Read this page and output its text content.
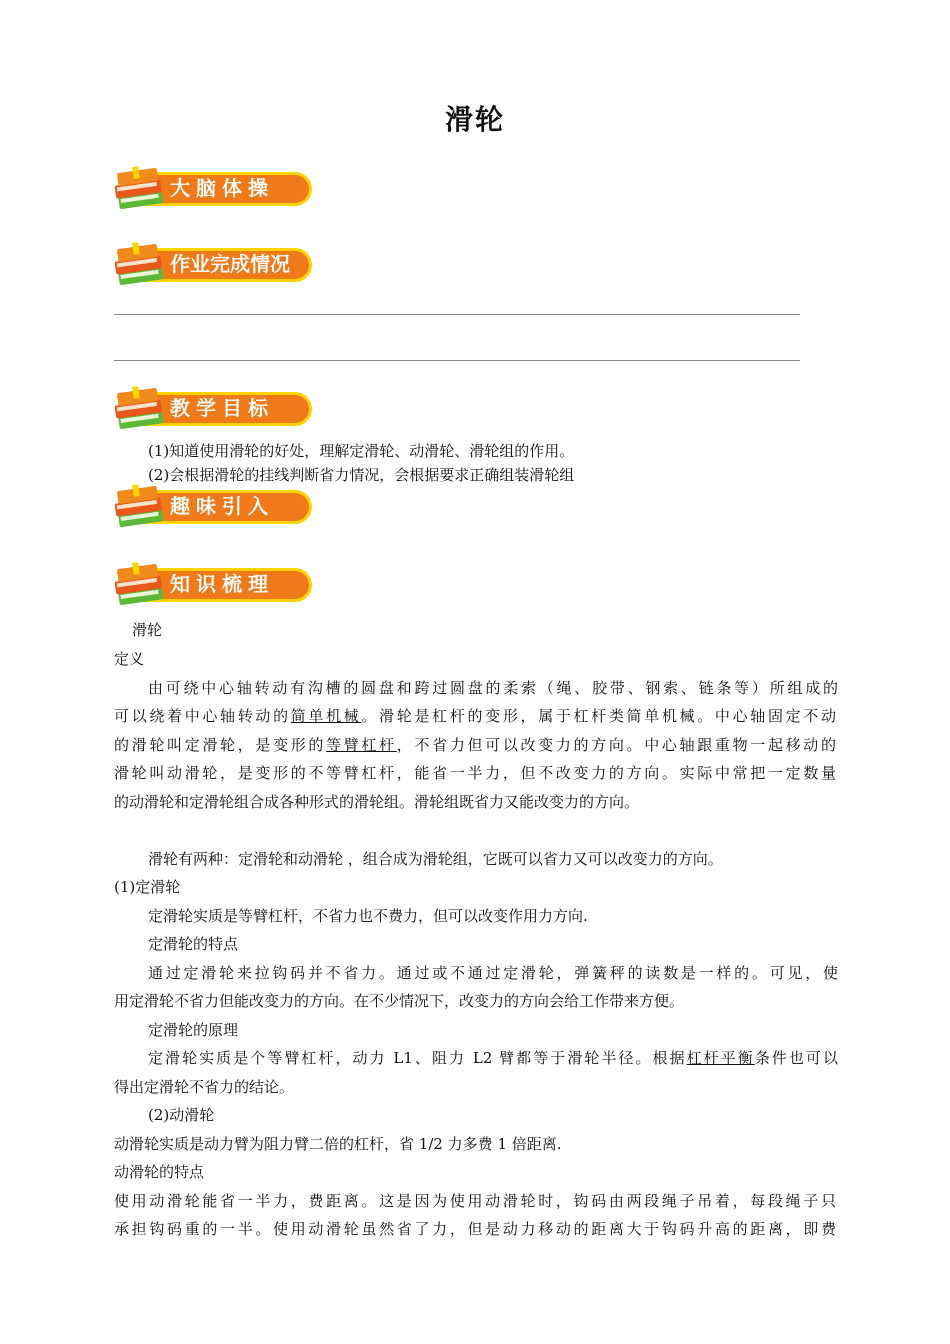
滑轮
大脑体操
作业完成情况
教学目标
(1)知道使用滑轮的好处，理解定滑轮、动滑轮、滑轮组的作用。
(2)会根据滑轮的挂线判断省力情况，会根据要求正确组装滑轮组
趣味引入
知识梳理
滑轮
定义
由可绕中心轴转动有沟槽的圆盘和跨过圆盘的柔索（绳、胶带、钢索、链条等）所组成的
可以绕着中心轴转动的简单机械。滑轮是杠杆的变形，属于杠杆类简单机械。中心轴固定不动
的滑轮叫定滑轮，是变形的等臂杠杆，不省力但可以改变力的方向。中心轴跟重物一起移动的
滑轮叫动滑轮，是变形的不等臂杠杆，能省一半力，但不改变力的方向。实际中常把一定数量
的动滑轮和定滑轮组合成各种形式的滑轮组。滑轮组既省力又能改变力的方向。
滑轮有两种：定滑轮和动滑轮 ，组合成为滑轮组，它既可以省力又可以改变力的方向。
(1)定滑轮
定滑轮实质是等臂杠杆，不省力也不费力，但可以改变作用力方向.
定滑轮的特点
通过定滑轮来拉钩码并不省力。通过或不通过定滑轮，弹簧秤的读数是一样的。可见，使
用定滑轮不省力但能改变力的方向。在不少情况下，改变力的方向会给工作带来方便。
定滑轮的原理
定滑轮实质是个等臂杠杆，动力 L1、阻力 L2 臂都等于滑轮半径。根据杠杆平衡条件也可以
得出定滑轮不省力的结论。
(2)动滑轮
动滑轮实质是动力臂为阻力臂二倍的杠杆，省 1/2 力多费 1 倍距离.
动滑轮的特点
使用动滑轮能省一半力，费距离。这是因为使用动滑轮时，钩码由两段绳子吊着，每段绳子只
承担钩码重的一半。使用动滑轮虽然省了力，但是动力移动的距离大于钩码升高的距离，即费
